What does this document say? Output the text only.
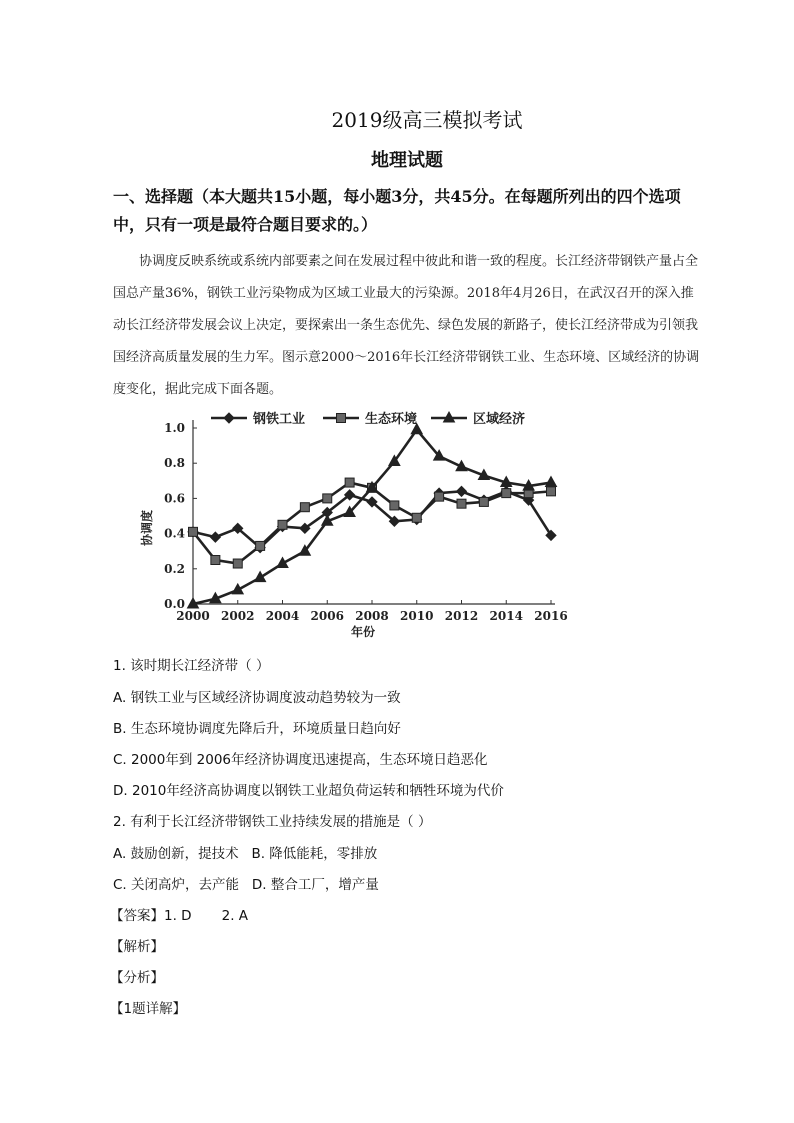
2019级高三模拟考试
地理试题
一、选择题（本大题共15小题，每小题3分，共45分。在每题所列出的四个选项中，只有一项是最符合题目要求的。）
协调度反映系统或系统内部要素之间在发展过程中彼此和谐一致的程度。长江经济带钢铁产量占全国总产量36%，钢铁工业污染物成为区域工业最大的污染源。2018年4月26日，在武汉召开的深入推动长江经济带发展会议上决定，要探索出一条生态优先、绿色发展的新路子，使长江经济带成为引领我国经济高质量发展的生力军。图示意2000～2016年长江经济带钢铁工业、生态环境、区域经济的协调度变化，据此完成下面各题。
0.0
0.2
0.4
0.6
0.8
1.0
2000 2002 2004 2006 2008 2010 2012 2014 2016
年份
协调度
钢铁工业	生态环境	区域经济
1. 该时期长江经济带（ ）
A. 钢铁工业与区域经济协调度波动趋势较为一致
B. 生态环境协调度先降后升，环境质量日趋向好
C. 2000年到 2006年经济协调度迅速提高，生态环境日趋恶化
D. 2010年经济高协调度以钢铁工业超负荷运转和牺牲环境为代价
2. 有利于长江经济带钢铁工业持续发展的措施是（ ）
A. 鼓励创新，提技术   B. 降低能耗，零排放
C. 关闭高炉，去产能   D. 整合工厂，增产量
【答案】1. D       2. A
【解析】
【分析】
【1题详解】
